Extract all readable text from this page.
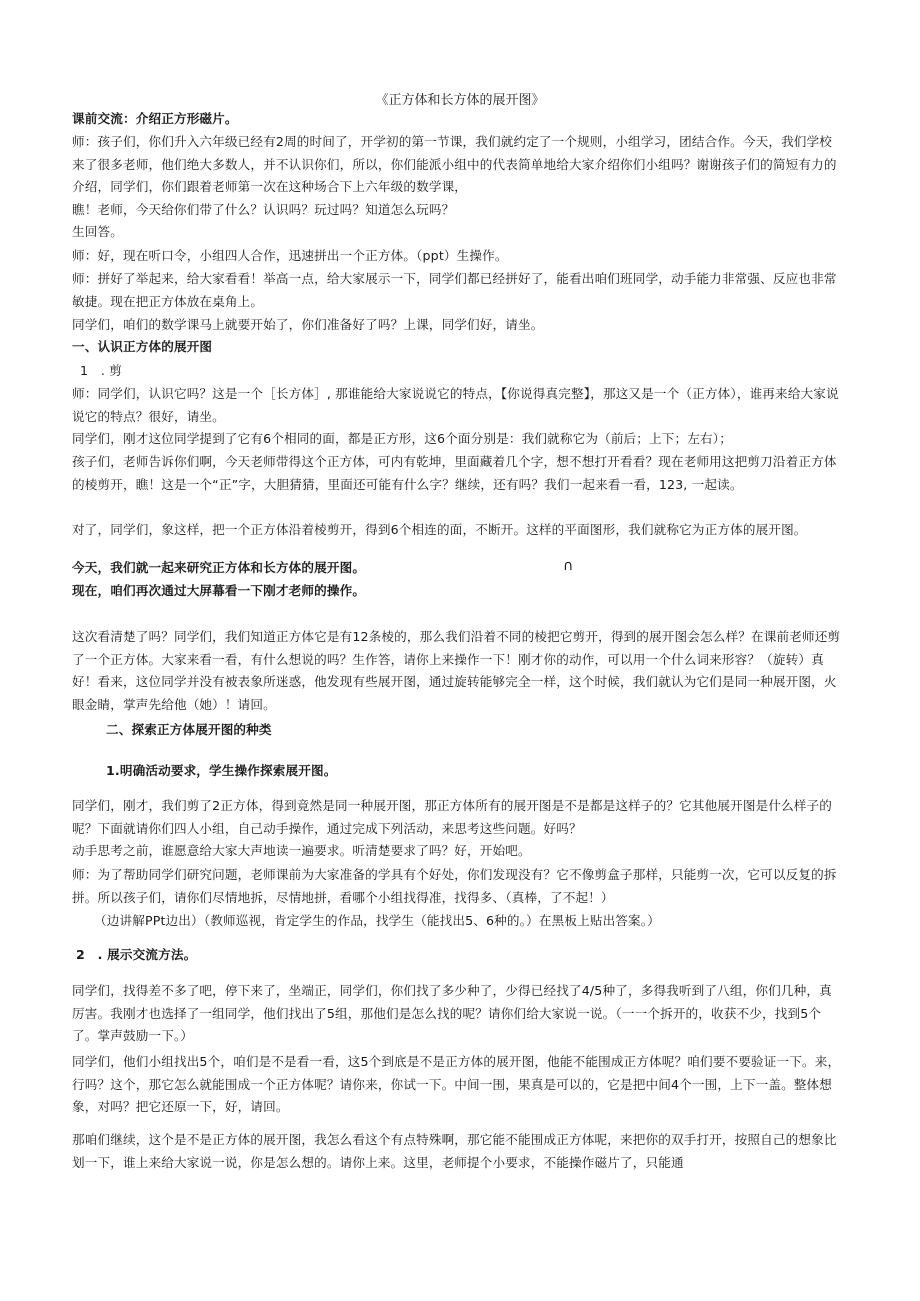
《正方体和长方体的展开图》
课前交流：介绍正方形磁片。
师：孩子们，你们升入六年级已经有2周的时间了，开学初的第一节课，我们就约定了一个规则，小组学习，团结合作。今天，我们学校来了很多老师，他们绝大多数人，并不认识你们，所以，你们能派小组中的代表简单地给大家介绍你们小组吗？谢谢孩子们的简短有力的介绍，同学们，你们跟着老师第一次在这种场合下上六年级的数学课，
瞧！老师，今天给你们带了什么？认识吗？玩过吗？知道怎么玩吗？
生回答。
师：好，现在听口令，小组四人合作，迅速拼出一个正方体。（ppt）生操作。
师：拼好了举起来，给大家看看！举高一点，给大家展示一下，同学们都已经拼好了，能看出咱们班同学，动手能力非常强、反应也非常敏捷。现在把正方体放在桌角上。
同学们，咱们的数学课马上就要开始了，你们准备好了吗？上课，同学们好，请坐。
一、认识正方体的展开图
1　. 剪
师：同学们，认识它吗？这是一个［长方体］, 那谁能给大家说说它的特点，【你说得真完整】，那这又是一个（正方体），谁再来给大家说说它的特点？很好，请坐。
同学们，刚才这位同学提到了它有6个相同的面，都是正方形，这6个面分别是：我们就称它为（前后；上下；左右）；
孩子们，老师告诉你们啊，今天老师带得这个正方体，可内有乾坤，里面藏着几个字，想不想打开看看？现在老师用这把剪刀沿着正方体的棱剪开，瞧！这是一个“正”字，大胆猜猜，里面还可能有什么字？继续，还有吗？我们一起来看一看，123, 一起读。
对了，同学们，象这样，把一个正方体沿着棱剪开，得到6个相连的面，不断开。这样的平面图形，我们就称它为正方体的展开图。
今天，我们就一起来研究正方体和长方体的展开图。	∩
现在，咱们再次通过大屏幕看一下刚才老师的操作。
这次看清楚了吗？同学们，我们知道正方体它是有12条棱的，那么我们沿着不同的棱把它剪开，得到的展开图会怎么样？在课前老师还剪了一个正方体。大家来看一看，有什么想说的吗？生作答，请你上来操作一下！刚才你的动作，可以用一个什么词来形容？（旋转）真好！看来，这位同学并没有被表象所迷惑，他发现有些展开图，通过旋转能够完全一样，这个时候，我们就认为它们是同一种展开图，火眼金睛，掌声先给他（她）！请回。
二、探索正方体展开图的种类
1.明确活动要求，学生操作探索展开图。
同学们，刚才，我们剪了2正方体，得到竟然是同一种展开图，那正方体所有的展开图是不是都是这样子的？它其他展开图是什么样子的呢？下面就请你们四人小组，自己动手操作，通过完成下列活动，来思考这些问题。好吗？
动手思考之前，谁愿意给大家大声地读一遍要求。听清楚要求了吗？好，开始吧。
师：为了帮助同学们研究问题，老师课前为大家准备的学具有个好处，你们发现没有？它不像剪盒子那样，只能剪一次，它可以反复的拆拼。所以孩子们，请你们尽情地拆，尽情地拼，看哪个小组找得准，找得多、（真棒，了不起！）
（边讲解PPt边出）（教师巡视，肯定学生的作品，找学生（能找出5、6种的。）在黑板上贴出答案。）
2　. 展示交流方法。
同学们，找得差不多了吧，停下来了，坐端正，同学们，你们找了多少种了，少得已经找了4/5种了，多得我听到了八组，你们几种，真厉害。我刚才也选择了一组同学，他们找出了5组，那他们是怎么找的呢？请你们给大家说一说。（一一个拆开的，收获不少，找到5个了。掌声鼓励一下。）
同学们，他们小组找出5个，咱们是不是看一看，这5个到底是不是正方体的展开图，他能不能围成正方体呢？咱们要不要验证一下。来，行吗？这个，那它怎么就能围成一个正方体呢？请你来，你试一下。中间一围，果真是可以的，它是把中间4个一围，上下一盖。整体想象，对吗？把它还原一下，好，请回。
那咱们继续，这个是不是正方体的展开图，我怎么看这个有点特殊啊，那它能不能围成正方体呢，来把你的双手打开，按照自己的想象比划一下，谁上来给大家说一说，你是怎么想的。请你上来。这里，老师提个小要求，不能操作磁片了，只能通
